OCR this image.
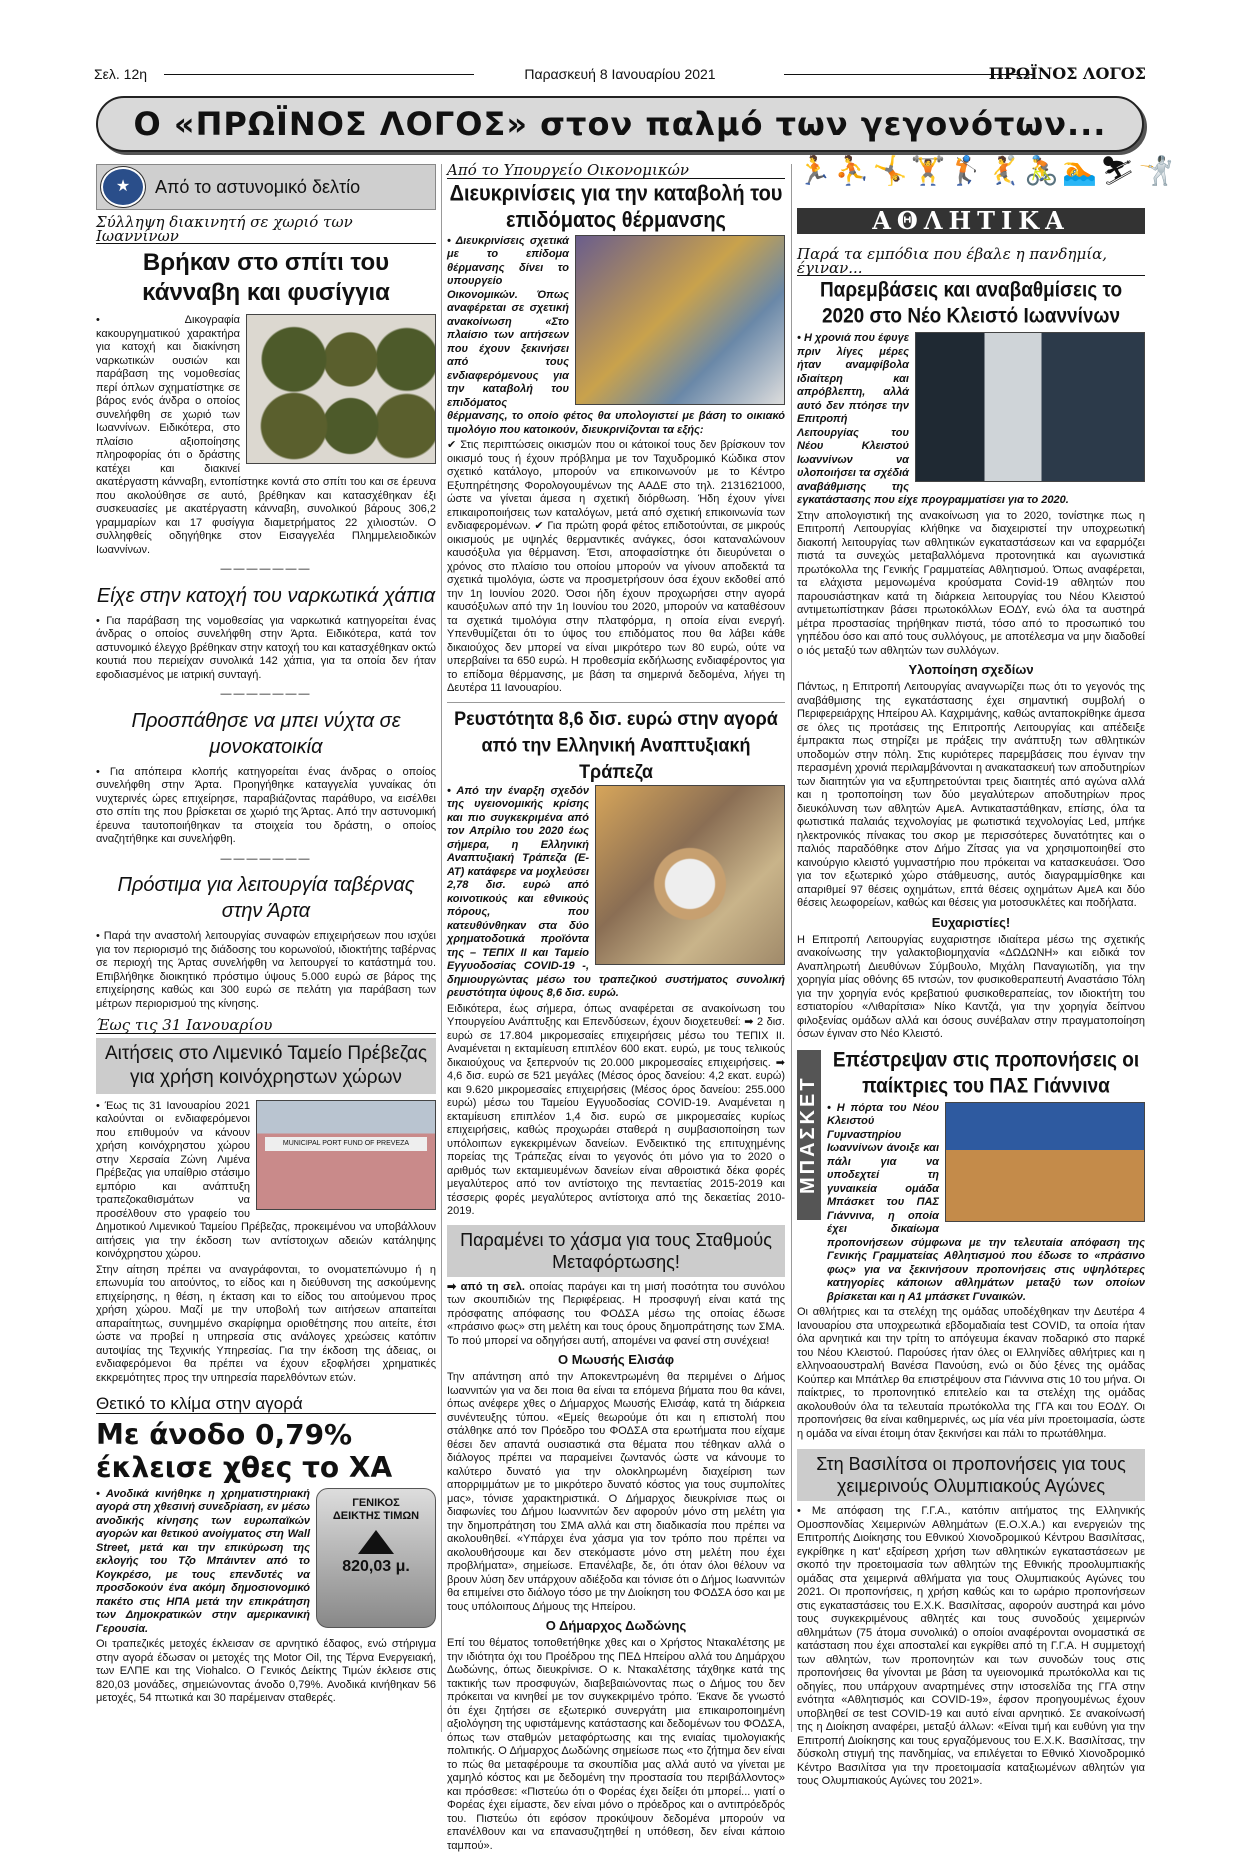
Σελ. 12η	Παρασκευή 8 Ιανουαρίου 2021	ΠΡΩΪΝΟΣ ΛΟΓΟΣ
Ο «ΠΡΩΪΝΟΣ ΛΟΓΟΣ» στον παλμό των γεγονότων...
★	Από το αστυνομικό δελτίο
Σύλληψη διακινητή σε χωριό των Ιωαννίνων
Βρήκαν στο σπίτι του κάνναβη και φυσίγγια

• Δικογραφία κακουργηματικού χαρακτήρα για κατοχή και διακίνηση ναρκωτικών ουσιών και παράβαση της νομοθεσίας περί όπλων σχηματίστηκε σε βάρος ενός άνδρα ο οποίος συνελήφθη σε χωριό των Ιωαννίνων. Ειδικότερα, στο πλαίσιο αξιοποίησης πληροφορίας ότι ο δράστης κατέχει και διακινεί ακατέργαστη κάνναβη, εντοπίστηκε κοντά στο σπίτι του και σε έρευνα που ακολούθησε σε αυτό, βρέθηκαν και κατασχέθηκαν έξι συσκευασίες με ακατέργαστη κάνναβη, συνολικού βάρους 306,2 γραμμαρίων και 17 φυσίγγια διαμετρήματος 22 χιλιοστών. Ο συλληφθείς οδηγήθηκε στον Εισαγγελέα Πλημμελειοδικών Ιωαννίνων.

———————
Είχε στην κατοχή του ναρκωτικά χάπια

• Για παράβαση της νομοθεσίας για ναρκωτικά κατηγορείται ένας άνδρας ο οποίος συνελήφθη στην Άρτα. Ειδικότερα, κατά τον αστυνομικό έλεγχο βρέθηκαν στην κατοχή του και κατασχέθηκαν οκτώ κουτιά που περιείχαν συνολικά 142 χάπια, για τα οποία δεν ήταν εφοδιασμένος με ιατρική συνταγή.

———————
Προσπάθησε να μπει νύχτα σε μονοκατοικία

• Για απόπειρα κλοπής κατηγορείται ένας άνδρας ο οποίος συνελήφθη στην Άρτα. Προηγήθηκε καταγγελία γυναίκας ότι νυχτερινές ώρες επιχείρησε, παραβιάζοντας παράθυρο, να εισέλθει στο σπίτι της που βρίσκεται σε χωριό της Άρτας. Από την αστυνομική έρευνα ταυτοποιήθηκαν τα στοιχεία του δράστη, ο οποίος αναζητήθηκε και συνελήφθη.

———————
Πρόστιμα για λειτουργία ταβέρνας στην Άρτα

• Παρά την αναστολή λειτουργίας συναφών επιχειρήσεων που ισχύει για τον περιορισμό της διάδοσης του κορωνοϊού, ιδιοκτήτης ταβέρνας σε περιοχή της Άρτας συνελήφθη να λειτουργεί το κατάστημά του. Επιβλήθηκε διοικητικό πρόστιμο ύψους 5.000 ευρώ σε βάρος της επιχείρησης καθώς και 300 ευρώ σε πελάτη για παράβαση των μέτρων περιορισμού της κίνησης.

Έως τις 31 Ιανουαρίου
Αιτήσεις στο Λιμενικό Ταμείο Πρέβεζας για χρήση κοινόχρηστων χώρων
MUNICIPAL PORT FUND OF PREVEZA

• Έως τις 31 Ιανουαρίου 2021 καλούνται οι ενδιαφερόμενοι που επιθυμούν να κάνουν χρήση κοινόχρηστου χώρου στην Χερσαία Ζώνη Λιμένα Πρέβεζας για υπαίθριο στάσιμο εμπόριο και ανάπτυξη τραπεζοκαθισμάτων να προσέλθουν στο γραφείο του Δημοτικού Λιμενικού Ταμείου Πρέβεζας, προκειμένου να υποβάλλουν αιτήσεις για την έκδοση των αντίστοιχων αδειών κατάληψης κοινόχρηστου χώρου.

Στην αίτηση πρέπει να αναγράφονται, το ονοματεπώνυμο ή η επωνυμία του αιτούντος, το είδος και η διεύθυνση της ασκούμενης επιχείρησης, η θέση, η έκταση και το είδος του αιτούμενου προς χρήση χώρου. Μαζί με την υποβολή των αιτήσεων απαιτείται απαραίτητως, συνημμένο σκαρίφημα οριοθέτησης που αιτείτε, έτσι ώστε να προβεί η υπηρεσία στις ανάλογες χρεώσεις κατόπιν αυτοψίας της Τεχνικής Υπηρεσίας. Για την έκδοση της άδειας, οι ενδιαφερόμενοι θα πρέπει να έχουν εξοφλήσει χρηματικές εκκρεμότητες προς την υπηρεσία παρελθόντων ετών.

Θετικό το κλίμα στην αγορά
Με άνοδο 0,79% έκλεισε χθες το ΧΑ
ΓΕΝΙΚΟΣ
ΔΕΙΚΤΗΣ ΤΙΜΩΝ
820,03 μ.

• Ανοδικά κινήθηκε η χρηματιστηριακή αγορά στη χθεσινή συνεδρίαση, εν μέσω ανοδικής κίνησης των ευρωπαϊκών αγορών και θετικού ανοίγματος στη Wall Street, μετά και την επικύρωση της εκλογής του Τζο Μπάιντεν από το Κογκρέσο, με τους επενδυτές να προσδοκούν ένα ακόμη δημοσιονομικό πακέτο στις ΗΠΑ μετά την επικράτηση των Δημοκρατικών στην αμερικανική Γερουσία.

Οι τραπεζικές μετοχές έκλεισαν σε αρνητικό έδαφος, ενώ στήριγμα στην αγορά έδωσαν οι μετοχές της Motor Oil, της Τέρνα Ενεργειακή, των ΕΛΠΕ και της Viohalco. Ο Γενικός Δείκτης Τιμών έκλεισε στις 820,03 μονάδες, σημειώνοντας άνοδο 0,79%. Ανοδικά κινήθηκαν 56 μετοχές, 54 πτωτικά και 30 παρέμειναν σταθερές.

Από το Υπουργείο Οικονομικών
Διευκρινίσεις για την καταβολή του επιδόματος θέρμανσης

• Διευκρινίσεις σχετικά με το επίδομα θέρμανσης δίνει το υπουργείο Οικονομικών. Όπως αναφέρεται σε σχετική ανακοίνωση «Στο πλαίσιο των αιτήσεων που έχουν ξεκινήσει από τους ενδιαφερόμενους για την καταβολή του επιδόματος θέρμανσης, το οποίο φέτος θα υπολογιστεί με βάση το οικιακό τιμολόγιο που κατοικούν, διευκρινίζονται τα εξής:

✔ Στις περιπτώσεις οικισμών που οι κάτοικοί τους δεν βρίσκουν τον οικισμό τους ή έχουν πρόβλημα με τον Ταχυδρομικό Κώδικα στον σχετικό κατάλογο, μπορούν να επικοινωνούν με το Κέντρο Εξυπηρέτησης Φορολογουμένων της ΑΑΔΕ στο τηλ. 2131621000, ώστε να γίνεται άμεσα η σχετική διόρθωση. Ήδη έχουν γίνει επικαιροποιήσεις των καταλόγων, μετά από σχετική επικοινωνία των ενδιαφερομένων. ✔ Για πρώτη φορά φέτος επιδοτούνται, σε μικρούς οικισμούς με υψηλές θερμαντικές ανάγκες, όσοι καταναλώνουν καυσόξυλα για θέρμανση. Έτσι, αποφασίστηκε ότι διευρύνεται ο χρόνος στο πλαίσιο του οποίου μπορούν να γίνουν αποδεκτά τα σχετικά τιμολόγια, ώστε να προσμετρήσουν όσα έχουν εκδοθεί από την 1η Ιουνίου 2020. Όσοι ήδη έχουν προχωρήσει στην αγορά καυσόξυλων από την 1η Ιουνίου του 2020, μπορούν να καταθέσουν τα σχετικά τιμολόγια στην πλατφόρμα, η οποία είναι ενεργή. Υπενθυμίζεται ότι το ύψος του επιδόματος που θα λάβει κάθε δικαιούχος δεν μπορεί να είναι μικρότερο των 80 ευρώ, ούτε να υπερβαίνει τα 650 ευρώ. Η προθεσμία εκδήλωσης ενδιαφέροντος για το επίδομα θέρμανσης, με βάση τα σημερινά δεδομένα, λήγει τη Δευτέρα 11 Ιανουαρίου.

Ρευστότητα 8,6 δισ. ευρώ στην αγορά από την Ελληνική Αναπτυξιακή Τράπεζα

• Από την έναρξη σχεδόν της υγειονομικής κρίσης και πιο συγκεκριμένα από τον Απρίλιο του 2020 έως σήμερα, η Ελληνική Αναπτυξιακή Τράπεζα (Ε-ΑΤ) κατάφερε να μοχλεύσει 2,78 δισ. ευρώ από κοινοτικούς και εθνικούς πόρους, που κατευθύνθηκαν στα δύο χρηματοδοτικά προϊόντα της – ΤΕΠΙΧ ΙΙ και Ταμείο Εγγυοδοσίας COVID-19 -, δημιουργώντας μέσω του τραπεζικού συστήματος συνολική ρευστότητα ύψους 8,6 δισ. ευρώ.

Ειδικότερα, έως σήμερα, όπως αναφέρεται σε ανακοίνωση του Υπουργείου Ανάπτυξης και Επενδύσεων, έχουν διοχετευθεί: ➡ 2 δισ. ευρώ σε 17.804 μικρομεσαίες επιχειρήσεις μέσω του ΤΕΠΙΧ ΙΙ. Αναμένεται η εκταμίευση επιπλέον 600 εκατ. ευρώ, με τους τελικούς δικαιούχους να ξεπερνούν τις 20.000 μικρομεσαίες επιχειρήσεις. ➡ 4,6 δισ. ευρώ σε 521 μεγάλες (Μέσος όρος δανείου: 4,2 εκατ. ευρώ) και 9.620 μικρομεσαίες επιχειρήσεις (Μέσος όρος δανείου: 255.000 ευρώ) μέσω του Ταμείου Εγγυοδοσίας COVID-19. Αναμένεται η εκταμίευση επιπλέον 1,4 δισ. ευρώ σε μικρομεσαίες κυρίως επιχειρήσεις, καθώς προχωράει σταθερά η συμβασιοποίηση των υπόλοιπων εγκεκριμένων δανείων. Ενδεικτικό της επιτυχημένης πορείας της Τράπεζας είναι το γεγονός ότι μόνο για το 2020 ο αριθμός των εκταμιευμένων δανείων είναι αθροιστικά δέκα φορές μεγαλύτερος από τον αντίστοιχο της πενταετίας 2015-2019 και τέσσερις φορές μεγαλύτερος αντίστοιχα από της δεκαετίας 2010-2019.

Παραμένει το χάσμα για τους Σταθμούς Μεταφόρτωσης!

➡ από τη σελ. οποίας παράγει και τη μισή ποσότητα του συνόλου των σκουπιδιών της Περιφέρειας. Η προσφυγή είναι κατά της πρόσφατης απόφασης του ΦΟΔΣΑ μέσω της οποίας έδωσε «πράσινο φως» στη μελέτη και τους όρους δημοπράτησης των ΣΜΑ. Το πού μπορεί να οδηγήσει αυτή, απομένει να φανεί στη συνέχεια!

Ο Μωυσής Ελισάφ

Την απάντηση από την Αποκεντρωμένη θα περιμένει ο Δήμος Ιωαννιτών για να δει ποια θα είναι τα επόμενα βήματα που θα κάνει, όπως ανέφερε χθες ο Δήμαρχος Μωυσής Ελισάφ, κατά τη διάρκεια συνέντευξης τύπου. «Εμείς θεωρούμε ότι και η επιστολή που στάλθηκε από τον Πρόεδρο του ΦΟΔΣΑ στα ερωτήματα που είχαμε θέσει δεν απαντά ουσιαστικά στα θέματα που τέθηκαν αλλά ο διάλογος πρέπει να παραμείνει ζωντανός ώστε να κάνουμε το καλύτερο δυνατό για την ολοκληρωμένη διαχείριση των απορριμμάτων με το μικρότερο δυνατό κόστος για τους συμπολίτες μας», τόνισε χαρακτηριστικά. Ο Δήμαρχος διευκρίνισε πως οι διαφωνίες του Δήμου Ιωαννιτών δεν αφορούν μόνο στη μελέτη για την δημοπράτηση του ΣΜΑ αλλά και στη διαδικασία που πρέπει να ακολουθηθεί. «Υπάρχει ένα χάσμα για τον τρόπο που πρέπει να ακολουθήσουμε και δεν στεκόμαστε μόνο στη μελέτη που έχει προβλήματα», σημείωσε. Επανέλαβε, δε, ότι όταν όλοι θέλουν να βρουν λύση δεν υπάρχουν αδιέξοδα και τόνισε ότι ο Δήμος Ιωαννιτών θα επιμείνει στο διάλογο τόσο με την Διοίκηση του ΦΟΔΣΑ όσο και με τους υπόλοιπους Δήμους της Ηπείρου.

Ο Δήμαρχος Δωδώνης

Επί του θέματος τοποθετήθηκε χθες και ο Χρήστος Ντακαλέτσης με την ιδιότητα όχι του Προέδρου της ΠΕΔ Ηπείρου αλλά του Δημάρχου Δωδώνης, όπως διευκρίνισε. Ο κ. Ντακαλέτσης τάχθηκε κατά της τακτικής των προσφυγών, διαβεβαιώνοντας πως ο Δήμος του δεν πρόκειται να κινηθεί με τον συγκεκριμένο τρόπο. Έκανε δε γνωστό ότι έχει ζητήσει σε εξωτερικό συνεργάτη μια επικαιροποιημένη αξιολόγηση της υφιστάμενης κατάστασης και δεδομένων του ΦΟΔΣΑ, όπως των σταθμών μεταφόρτωσης και της ενιαίας τιμολογιακής πολιτικής. Ο Δήμαρχος Δωδώνης σημείωσε πως «το ζήτημα δεν είναι το πώς θα μεταφέρουμε τα σκουπίδια μας αλλά αυτό να γίνεται με χαμηλό κόστος και με δεδομένη την προστασία του περιβάλλοντος» και πρόσθεσε: «Πιστεύω ότι ο Φορέας έχει δείξει ότι μπορεί... γιατί ο Φορέας έχει είμαστε, δεν είναι μόνο ο πρόεδρος και ο αντιπρόεδρός του. Πιστεύω ότι εφόσον προκύψουν δεδομένα μπορούν να επανέλθουν και να επανασυζητηθεί η υπόθεση, δεν είναι κάποιο ταμπού».

🏃⛹🤸🏋🏌🤾🚴🏊⛷🤺
ΑΘΛΗΤΙΚΑ
Παρά τα εμπόδια που έβαλε η πανδημία, έγιναν...
Παρεμβάσεις και αναβαθμίσεις το 2020 στο Νέο Κλειστό Ιωαννίνων

• Η χρονιά που έφυγε πριν λίγες μέρες ήταν αναμφίβολα ιδιαίτερη και απρόβλεπτη, αλλά αυτό δεν πτόησε την Επιτροπή Λειτουργίας του Νέου Κλειστού Ιωαννίνων να υλοποιήσει τα σχέδιά αναβάθμισης της εγκατάστασης που είχε προγραμματίσει για το 2020.

Στην απολογιστική της ανακοίνωση για το 2020, τονίστηκε πως η Επιτροπή Λειτουργίας κλήθηκε να διαχειριστεί την υποχρεωτική διακοπή λειτουργίας των αθλητικών εγκαταστάσεων και να εφαρμόζει πιστά τα συνεχώς μεταβαλλόμενα προτονητικά και αγωνιστικά πρωτόκολλα της Γενικής Γραμματείας Αθλητισμού. Όπως αναφέρεται, τα ελάχιστα μεμονωμένα κρούσματα Covid-19 αθλητών που παρουσιάστηκαν κατά τη διάρκεια λειτουργίας του Νέου Κλειστού αντιμετωπίστηκαν βάσει πρωτοκόλλων ΕΟΔΥ, ενώ όλα τα αυστηρά μέτρα προστασίας τηρήθηκαν πιστά, τόσο από το προσωπικό του γηπέδου όσο και από τους συλλόγους, με αποτέλεσμα να μην διαδοθεί ο ιός μεταξύ των αθλητών των συλλόγων.

Υλοποίηση σχεδίων

Πάντως, η Επιτροπή Λειτουργίας αναγνωρίζει πως ότι το γεγονός της αναβάθμισης της εγκατάστασης έχει σημαντική συμβολή ο Περιφερειάρχης Ηπείρου Αλ. Καχριμάνης, καθώς ανταποκρίθηκε άμεσα σε όλες τις προτάσεις της Επιτροπής Λειτουργίας και απέδειξε έμπρακτα πως στηρίζει με πράξεις την ανάπτυξη των αθλητικών υποδομών στην πόλη. Στις κυριότερες παρεμβάσεις που έγιναν την περασμένη χρονιά περιλαμβάνονται η ανακατασκευή των αποδυτηρίων των διαιτητών για να εξυπηρετούνται τρεις διαιτητές από αγώνα αλλά και η τροποποίηση των δύο μεγαλύτερων αποδυτηρίων προς διευκόλυνση των αθλητών ΑμεΑ. Αντικαταστάθηκαν, επίσης, όλα τα φωτιστικά παλαιάς τεχνολογίας με φωτιστικά τεχνολογίας Led, μπήκε ηλεκτρονικός πίνακας του σκορ με περισσότερες δυνατότητες και ο παλιός παραδόθηκε στον Δήμο Ζίτσας για να χρησιμοποιηθεί στο καινούργιο κλειστό γυμναστήριο που πρόκειται να κατασκευάσει. Όσο για τον εξωτερικό χώρο στάθμευσης, αυτός διαγραμμίσθηκε και απαριθμεί 97 θέσεις οχημάτων, επτά θέσεις οχημάτων ΑμεΑ και δύο θέσεις λεωφορείων, καθώς και θέσεις για μοτοσυκλέτες και ποδήλατα.

Ευχαριστίες!

Η Επιτροπή Λειτουργίας ευχαριστησε ιδιαίτερα μέσω της σχετικής ανακοίνωσης την γαλακτοβιομηχανία «ΔΩΔΩΝΗ» και ειδικά τον Αναπληρωτή Διευθύνων Σύμβουλο, Μιχάλη Παναγιωτίδη, για την χορηγία μίας οθόνης 65 ιντσών, τον φυσικοθεραπευτή Αναστάσιο Τόλη για την χορηγία ενός κρεβατιού φυσικοθεραπείας, τον ιδιοκτήτη του εστιατορίου «Λιθαρίτσια» Νίκο Καντζά, για την χορηγία δείπνου φιλοξενίας ομάδων αλλά και όσους συνέβαλαν στην πραγματοποίηση όσων έγιναν στο Νέο Κλειστό.

ΜΠΑΣΚΕΤ
Επέστρεψαν στις προπονήσεις οι παίκτριες του ΠΑΣ Γιάννινα

• Η πόρτα του Νέου Κλειστού Γυμναστηρίου Ιωαννίνων άνοιξε και πάλι για να υποδεχτεί τη γυναικεία ομάδα Μπάσκετ του ΠΑΣ Γιάννινα, η οποία έχει δικαίωμα προπονήσεων σύμφωνα με την τελευταία απόφαση της Γενικής Γραμματείας Αθλητισμού που έδωσε το «πράσινο φως» για να ξεκινήσουν προπονήσεις στις υψηλότερες κατηγορίες κάποιων αθλημάτων μεταξύ των οποίων βρίσκεται και η Α1 μπάσκετ Γυναικών.

Οι αθλήτριες και τα στελέχη της ομάδας υποδέχθηκαν την Δευτέρα 4 Ιανουαρίου στα υποχρεωτικά εβδομαδιαία test COVID, τα οποία ήταν όλα αρνητικά και την τρίτη το απόγευμα έκαναν ποδαρικό στο παρκέ του Νέου Κλειστού. Παρούσες ήταν όλες οι Ελληνίδες αθλήτριες και η ελληνοαουστραλή Βανέσα Πανούση, ενώ οι δύο ξένες της ομάδας Κούπερ και Μπάτλερ θα επιστρέψουν στα Γιάννινα στις 10 του μήνα. Οι παίκτριες, το προπονητικό επιτελείο και τα στελέχη της ομάδας ακολουθούν όλα τα τελευταία πρωτόκολλα της ΓΓΑ και του ΕΟΔΥ. Οι προπονήσεις θα είναι καθημερινές, ως μία νέα μίνι προετοιμασία, ώστε η ομάδα να είναι έτοιμη όταν ξεκινήσει και πάλι το πρωτάθλημα.

Στη Βασιλίτσα οι προπονήσεις για τους χειμερινούς Ολυμπιακούς Αγώνες

• Με απόφαση της Γ.Γ.Α., κατόπιν αιτήματος της Ελληνικής Ομοσπονδίας Χειμερινών Αθλημάτων (Ε.Ο.Χ.Α.) και ενεργειών της Επιτροπής Διοίκησης του Εθνικού Χιονοδρομικού Κέντρου Βασιλίτσας, εγκρίθηκε η κατ' εξαίρεση χρήση των αθλητικών εγκαταστάσεων με σκοπό την προετοιμασία των αθλητών της Εθνικής προολυμπιακής ομάδας στα χειμερινά αθλήματα για τους Ολυμπιακούς Αγώνες του 2021. Οι προπονήσεις, η χρήση καθώς και το ωράριο προπονήσεων στις εγκαταστάσεις του Ε.Χ.Κ. Βασιλίτσας, αφορούν αυστηρά και μόνο τους συγκεκριμένους αθλητές και τους συνοδούς χειμερινών αθλημάτων (75 άτομα συνολικά) ο οποίοι αναφέρονται ονομαστικά σε κατάσταση που έχει αποσταλεί και εγκρίθει από τη Γ.Γ.Α. Η συμμετοχή των αθλητών, των προπονητών και των συνοδών τους στις προπονήσεις θα γίνονται με βάση τα υγειονομικά πρωτόκολλα και τις οδηγίες, που υπάρχουν αναρτημένες στην ιστοσελίδα της ΓΓΑ στην ενότητα «Αθλητισμός και COVID-19», έφσον προηγουμένως έχουν υποβληθεί σε test COVID-19 και αυτό είναι αρνητικό. Σε ανακοίνωσή της η Διοίκηση αναφέρει, μεταξύ άλλων: «Είναι τιμή και ευθύνη για την Επιτροπή Διοίκησης και τους εργαζόμενους του Ε.Χ.Κ. Βασιλίτσας, την δύσκολη στιγμή της πανδημίας, να επιλέγεται το Εθνικό Χιονοδρομικό Κέντρο Βασιλίτσα για την προετοιμασία καταξιωμένων αθλητών για τους Ολυμπιακούς Αγώνες του 2021».
